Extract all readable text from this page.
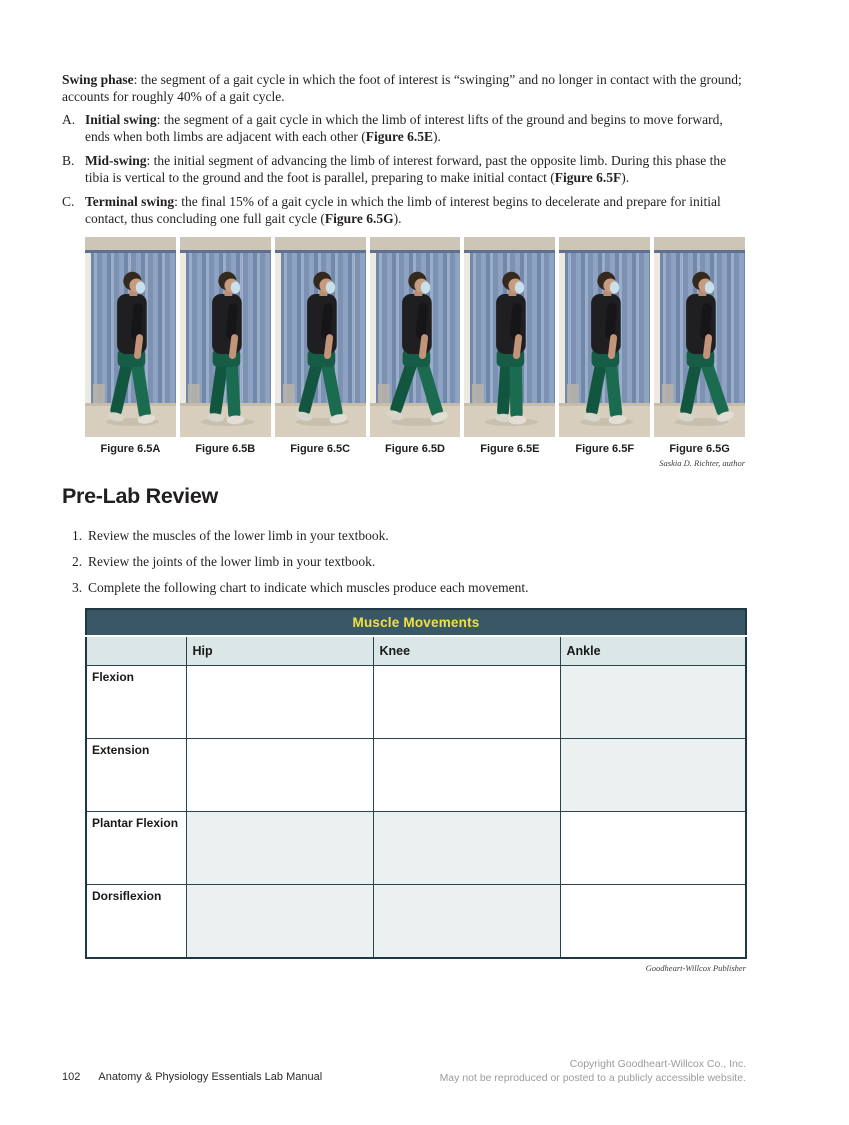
Swing phase: the segment of a gait cycle in which the foot of interest is “swinging” and no longer in contact with the ground; accounts for roughly 40% of a gait cycle.

A. Initial swing: the segment of a gait cycle in which the limb of interest lifts of the ground and begins to move forward, ends when both limbs are adjacent with each other (Figure 6.5E).
B. Mid-swing: the initial segment of advancing the limb of interest forward, past the opposite limb. During this phase the tibia is vertical to the ground and the foot is parallel, preparing to make initial contact (Figure 6.5F).
C. Terminal swing: the final 15% of a gait cycle in which the limb of interest begins to decelerate and prepare for initial contact, thus concluding one full gait cycle (Figure 6.5G).
Figure 6.5A	Figure 6.5B	Figure 6.5C	Figure 6.5D	Figure 6.5E	Figure 6.5F	Figure 6.5G
Saskia D. Richter, author
Pre-Lab Review
1. Review the muscles of the lower limb in your textbook.
2. Review the joints of the lower limb in your textbook.
3. Complete the following chart to indicate which muscles produce each movement.
Muscle Movements			
	Hip	Knee	Ankle
Flexion			
Extension			
Plantar Flexion			
Dorsiflexion			
Goodheart-Willcox Publisher
102 Anatomy & Physiology Essentials Lab Manual
Copyright Goodheart-Willcox Co., Inc.
May not be reproduced or posted to a publicly accessible website.
